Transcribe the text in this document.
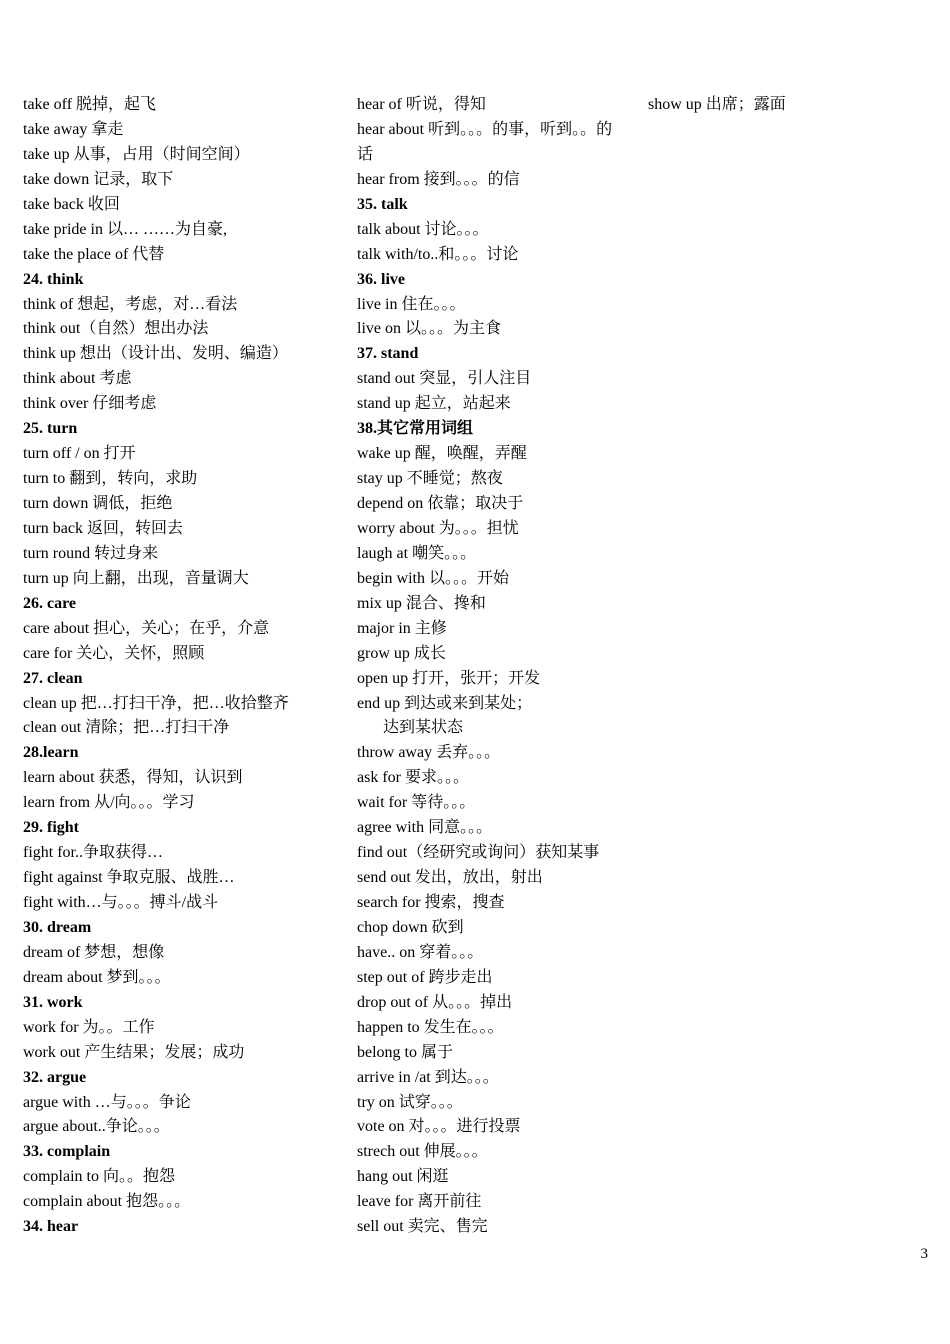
take off 脱掉，起飞
take away 拿走
take up 从事，占用（时间空间）
take down 记录，取下
take back 收回
take pride in 以… ……为自豪,
take the place of 代替
24. think
think of 想起，考虑，对…看法
think out（自然）想出办法
think up 想出（设计出、发明、编造）
think about 考虑
think over 仔细考虑
25. turn
turn off / on 打开
turn to 翻到，转向，求助
turn down 调低，拒绝
turn back 返回，转回去
turn round 转过身来
turn up 向上翻，出现，音量调大
26. care
care about 担心，关心；在乎，介意
care for 关心，关怀，照顾
27. clean
clean up 把…打扫干净，把…收拾整齐
clean out 清除；把…打扫干净
28.learn
learn about 获悉，得知，认识到
learn from 从/向。。。学习
29. fight
fight for..争取获得…
fight against 争取克服、战胜…
fight with…与。。。搏斗/战斗
30. dream
dream of 梦想，想像
dream about 梦到。。。
31. work
work for 为。。工作
work out 产生结果；发展；成功
32. argue
argue with …与。。。争论
argue about..争论。。。
33. complain
complain to 向。。抱怨
complain about 抱怨。。。
34. hear
hear of 听说，得知
hear about 听到。。。的事，听到。。的
话
hear from 接到。。。的信
35. talk
talk about 讨论。。。
talk with/to..和。。。讨论
36. live
live in 住在。。。
live on 以。。。为主食
37. stand
stand out 突显，引人注目
stand up 起立，站起来
38.其它常用词组
wake up 醒，唤醒，弄醒
stay up 不睡觉；熬夜
depend on 依靠；取决于
worry about 为。。。担忧
laugh at 嘲笑。。。
begin with 以。。。开始
mix up 混合、搀和
major in 主修
grow up 成长
open up 打开，张开；开发
end up 到达或来到某处；
达到某状态
throw away 丢弃。。。
ask for 要求。。。
wait for 等待。。。
agree with 同意。。。
find out（经研究或询问）获知某事
send out 发出，放出，射出
search for 搜索，搜查
chop down 砍到
have.. on 穿着。。。
step out of 跨步走出
drop out of 从。。。掉出
happen to 发生在。。。
belong to 属于
arrive in /at 到达。。。
try on 试穿。。。
vote on 对。。。进行投票
strech out 伸展。。。
hang out 闲逛
leave for 离开前往
sell out 卖完、售完
show up 出席；露面
3
